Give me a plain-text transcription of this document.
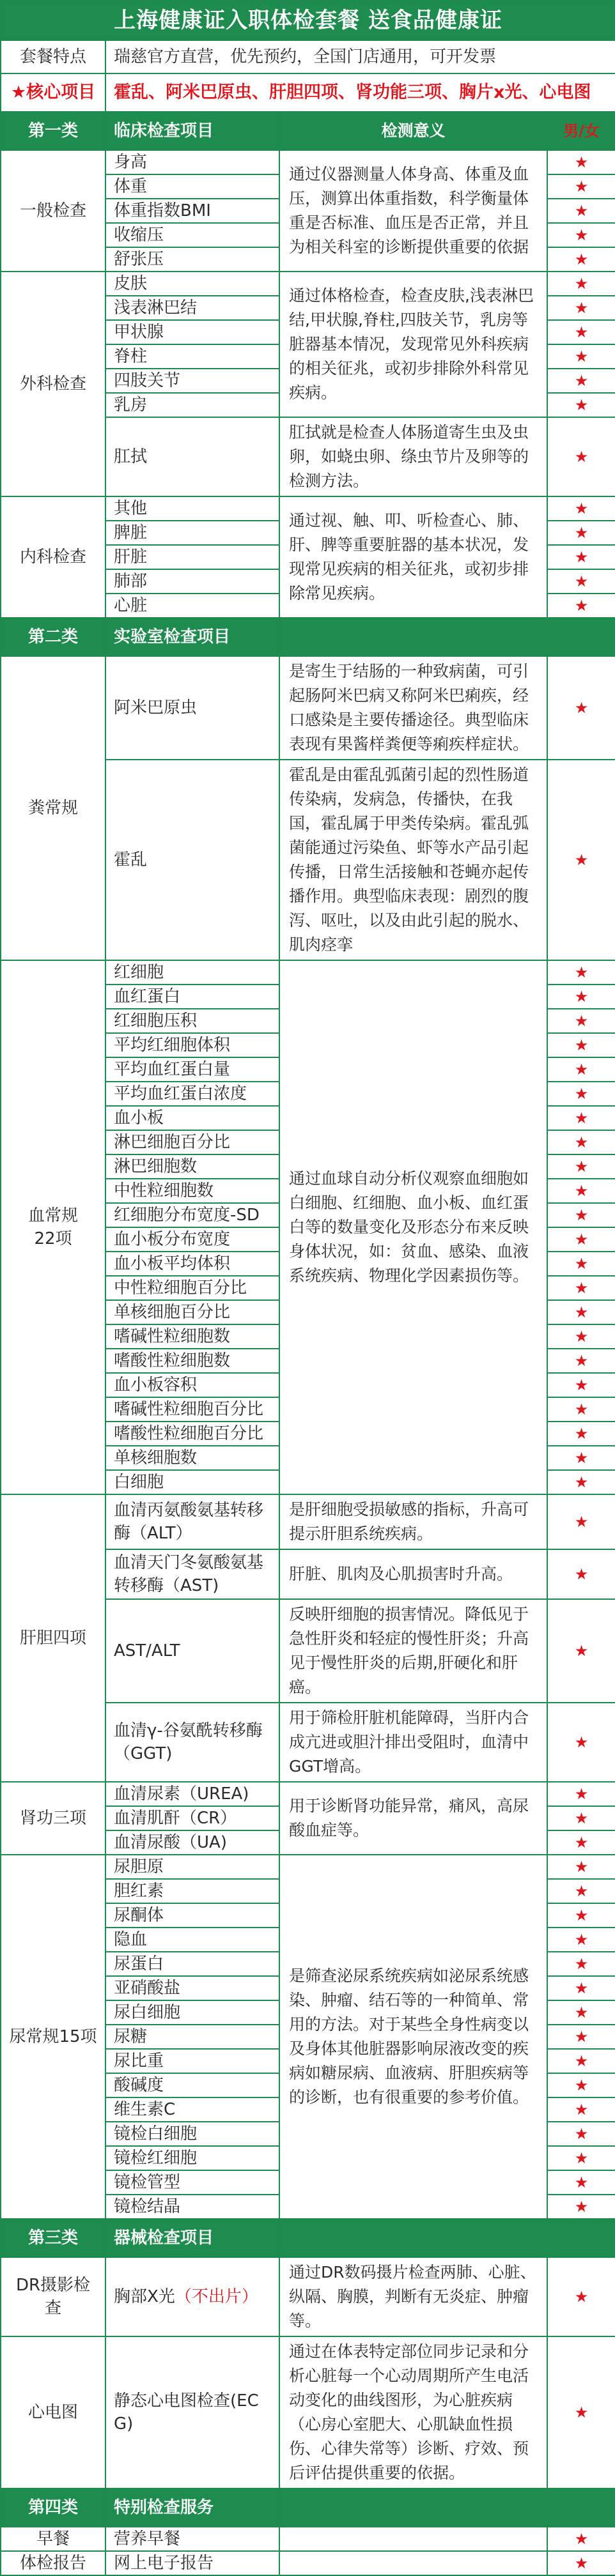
上海健康证入职体检套餐 送食品健康证			
套餐特点	瑞慈官方直营，优先预约，全国门店通用，可开发票		
★核心项目	霍乱、阿米巴原虫、肝胆四项、肾功能三项、胸片x光、心电图		
第一类	临床检查项目	检测意义	男/女

一般检查	身高	通过仪器测量人体身高、体重及血压，测算出体重指数，科学衡量体重是否标准、血压是否正常，并且为相关科室的诊断提供重要的依据	★
	体重		★
	体重指数BMI		★
	收缩压		★
	舒张压		★

外科检查	皮肤	通过体格检查，检查皮肤,浅表淋巴结,甲状腺,脊柱,四肢关节，乳房等脏器基本情况，发现常见外科疾病的相关征兆，或初步排除外科常见疾病。	★
	浅表淋巴结		★
	甲状腺		★
	脊柱		★
	四肢关节		★
	乳房		★
	肛拭	肛拭就是检查人体肠道寄生虫及虫卵，如蛲虫卵、绦虫节片及卵等的检测方法。	★

内科检查	其他	通过视、触、叩、听检查心、肺、肝、脾等重要脏器的基本状况，发现常见疾病的相关征兆，或初步排除常见疾病。	★
	脾脏		★
	肝脏		★
	肺部		★
	心脏		★
第二类	实验室检查项目		

粪常规	阿米巴原虫	是寄生于结肠的一种致病菌，可引起肠阿米巴病又称阿米巴痢疾，经口感染是主要传播途径。典型临床表现有果酱样粪便等痢疾样症状。	★
	霍乱	霍乱是由霍乱弧菌引起的烈性肠道传染病，发病急，传播快，在我国，霍乱属于甲类传染病。霍乱弧菌能通过污染鱼、虾等水产品引起传播，日常生活接触和苍蝇亦起传播作用。典型临床表现：剧烈的腹泻、呕吐，以及由此引起的脱水、肌肉痉挛	★

血常规
22项	红细胞	通过血球自动分析仪观察血细胞如白细胞、红细胞、血小板、血红蛋白等的数量变化及形态分布来反映身体状况，如：贫血、感染、血液系统疾病、物理化学因素损伤等。	★
	血红蛋白		★
	红细胞压积		★
	平均红细胞体积		★
	平均血红蛋白量		★
	平均血红蛋白浓度		★
	血小板		★
	淋巴细胞百分比		★
	淋巴细胞数		★
	中性粒细胞数		★
	红细胞分布宽度-SD		★
	血小板分布宽度		★
	血小板平均体积		★
	中性粒细胞百分比		★
	单核细胞百分比		★
	嗜碱性粒细胞数		★
	嗜酸性粒细胞数		★
	血小板容积		★
	嗜碱性粒细胞百分比		★
	嗜酸性粒细胞百分比		★
	单核细胞数		★
	白细胞		★

肝胆四项	血清丙氨酸氨基转移酶（ALT）	是肝细胞受损敏感的指标，升高可提示肝胆系统疾病。	★
	血清天门冬氨酸氨基转移酶（AST)	肝脏、肌肉及心肌损害时升高。	★
	AST/ALT	反映肝细胞的损害情况。降低见于急性肝炎和轻症的慢性肝炎；升高见于慢性肝炎的后期,肝硬化和肝癌。	★
	血清γ-谷氨酰转移酶（GGT)	用于筛检肝脏机能障碍，当肝内合成亢进或胆汁排出受阻时，血清中GGT增高。	★

肾功三项	血清尿素（UREA)	用于诊断肾功能异常，痛风，高尿酸血症等。	★
	血清肌酐（CR）		★
	血清尿酸（UA)		★

尿常规15项	尿胆原	是筛查泌尿系统疾病如泌尿系统感染、肿瘤、结石等的一种简单、常用的方法。对于某些全身性病变以及身体其他脏器影响尿液改变的疾病如糖尿病、血液病、肝胆疾病等的诊断，也有很重要的参考价值。	★
	胆红素		★
	尿酮体		★
	隐血		★
	尿蛋白		★
	亚硝酸盐		★
	尿白细胞		★
	尿糖		★
	尿比重		★
	酸碱度		★
	维生素C		★
	镜检白细胞		★
	镜检红细胞		★
	镜检管型		★
	镜检结晶		★
第三类	器械检查项目		

DR摄影检查	胸部X光（不出片）	通过DR数码摄片检查两肺、心脏、纵隔、胸膜，判断有无炎症、肿瘤等。	★

心电图	静态心电图检查(ECG)	通过在体表特定部位同步记录和分析心脏每一个心动周期所产生电活动变化的曲线图形，为心脏疾病（心房心室肥大、心肌缺血性损伤、心律失常等）诊断、疗效、预后评估提供重要的依据。	★
第四类	特别检查服务		

早餐	营养早餐		★

体检报告	网上电子报告		★
